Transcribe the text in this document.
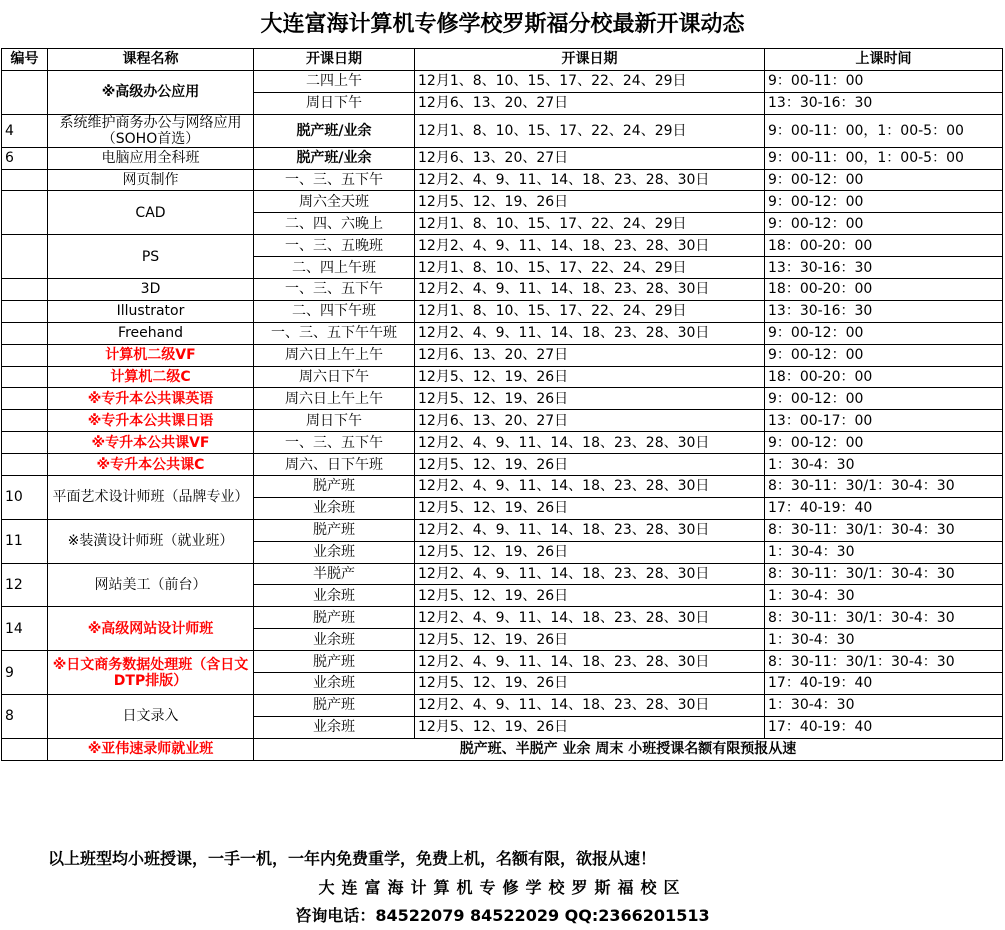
大连富海计算机专修学校罗斯福分校最新开课动态
编号	课程名称	开课日期	开课日期	上课时间
	※高级办公应用	二四上午	12月1、8、10、15、17、22、24、29日	9：00-11：00
		周日下午	12月6、13、20、27日	13：30-16：30
4	系统维护商务办公与网络应用（SOHO首选）	脱产班/业余	12月1、8、10、15、17、22、24、29日	9：00-11：00，1：00-5：00

6	电脑应用全科班	脱产班/业余	12月6、13、20、27日	9：00-11：00，1：00-5：00
	网页制作	一、三、五下午	12月2、4、9、11、14、18、23、28、30日	9：00-12：00
	CAD	周六全天班	12月5、12、19、26日	9：00-12：00
		二、四、六晚上	12月1、8、10、15、17、22、24、29日	9：00-12：00
	PS	一、三、五晚班	12月2、4、9、11、14、18、23、28、30日	18：00-20：00
		二、四上午班	12月1、8、10、15、17、22、24、29日	13：30-16：30
	3D	一、三、五下午	12月2、4、9、11、14、18、23、28、30日	18：00-20：00
	Illustrator	二、四下午班	12月1、8、10、15、17、22、24、29日	13：30-16：30
	Freehand	一、三、五下午午班	12月2、4、9、11、14、18、23、28、30日	9：00-12：00
	计算机二级VF	周六日上午上午	12月6、13、20、27日	9：00-12：00
	计算机二级C	周六日下午	12月5、12、19、26日	18：00-20：00
	※专升本公共课英语	周六日上午上午	12月5、12、19、26日	9：00-12：00
	※专升本公共课日语	周日下午	12月6、13、20、27日	13：00-17：00
	※专升本公共课VF	一、三、五下午	12月2、4、9、11、14、18、23、28、30日	9：00-12：00
	※专升本公共课C	周六、日下午班	12月5、12、19、26日	1：30-4：30
10	平面艺术设计师班（品牌专业）	脱产班	12月2、4、9、11、14、18、23、28、30日	8：30-11：30/1：30-4：30
		业余班	12月5、12、19、26日	17：40-19：40
11	※装潢设计师班（就业班）	脱产班	12月2、4、9、11、14、18、23、28、30日	8：30-11：30/1：30-4：30
		业余班	12月5、12、19、26日	1：30-4：30
12	网站美工（前台）	半脱产	12月2、4、9、11、14、18、23、28、30日	8：30-11：30/1：30-4：30
		业余班	12月5、12、19、26日	1：30-4：30
14	※高级网站设计师班	脱产班	12月2、4、9、11、14、18、23、28、30日	8：30-11：30/1：30-4：30
		业余班	12月5、12、19、26日	1：30-4：30
9	※日文商务数据处理班（含日文DTP排版）	脱产班	12月2、4、9、11、14、18、23、28、30日	8：30-11：30/1：30-4：30
		业余班	12月5、12、19、26日	17：40-19：40
8	日文录入	脱产班	12月2、4、9、11、14、18、23、28、30日	1：30-4：30
		业余班	12月5、12、19、26日	17：40-19：40
	※亚伟速录师就业班	脱产班、半脱产 业余 周末 小班授课名额有限预报从速		
以上班型均小班授课，一手一机，一年内免费重学，免费上机，名额有限，欲报从速！
大连富海计算机专修学校罗斯福校区
咨询电话：84522079 84522029 QQ:2366201513
